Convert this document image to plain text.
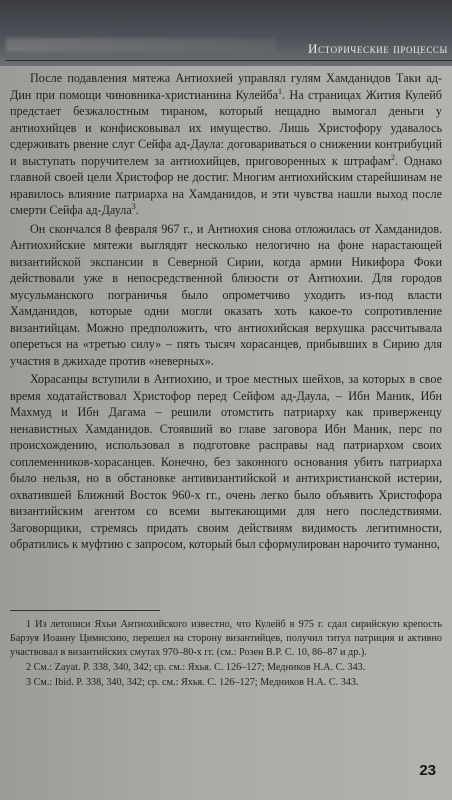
Исторические процессы

После подавления мятежа Антиохией управлял гулям Хамданидов Таки ад-Дин при помощи чиновника-христианина Кулейба$^1$. На страницах Жития Кулейб предстает безжалостным тираном, который нещадно вымогал деньги у антиохийцев и конфисковывал их имущество. Лишь Христофору удавалось сдерживать рвение слуг Сейфа ад-Даула: договариваться о снижении контрибуций и выступать поручителем за антиохийцев, приговоренных к штрафам$^2$. Однако главной своей цели Христофор не достиг. Многим антиохийским старейшинам не нравилось влияние патриарха на Хамданидов, и эти чувства нашли выход после смерти Сейфа ад-Даула$^3$.

Он скончался 8 февраля 967 г., и Антиохия снова отложилась от Хамданидов. Антиохийские мятежи выглядят несколько нелогично на фоне нарастающей византийской экспансии в Северной Сирии, когда армии Никифора Фоки действовали уже в непосредственной близости от Антиохии. Для городов мусульманского пограничья было опрометчиво уходить из-под власти Хамданидов, которые одни могли оказать хоть какое-то сопротивление византийцам. Можно предположить, что антиохийская верхушка рассчитывала опереться на «третью силу» – пять тысяч хорасанцев, прибывших в Сирию для участия в джихаде против «неверных».

Хорасанцы вступили в Антиохию, и трое местных шейхов, за которых в свое время ходатайствовал Христофор перед Сейфом ад-Даула, – Ибн Маник, Ибн Махмуд и Ибн Дагама – решили отомстить патриарху как приверженцу ненавистных Хамданидов. Стоявший во главе заговора Ибн Маник, перс по происхождению, использовал в подготовке расправы над патриархом своих соплеменников-хорасанцев. Конечно, без законного основания убить патриарха было нельзя, но в обстановке антивизантийской и антихристианской истерии, охватившей Ближний Восток 960-х гг., очень легко было объявить Христофора византийским агентом со всеми вытекающими для него последствиями. Заговорщики, стремясь придать своим действиям видимость легитимности, обратились к муфтию с запросом, который был сформулирован нарочито туманно,

1 Из летописи Яхьи Антиохийского известно, что Кулейб в 975 г. сдал сирийскую крепость Барзуя Иоанну Цимисхию, перешел на сторону византийцев, получил титул патриция и активно участвовал в византийских смутах 970–80-х гг. (см.: Розен В.Р. С. 10, 86–87 и др.).

2 См.: Zayat. P. 338, 340, 342; ср. см.: Яхья. С. 126–127; Медников Н.А. С. 343.

3 См.: Ibid. P. 338, 340, 342; ср. см.: Яхья. С. 126–127; Медников Н.А. С. 343.

23
